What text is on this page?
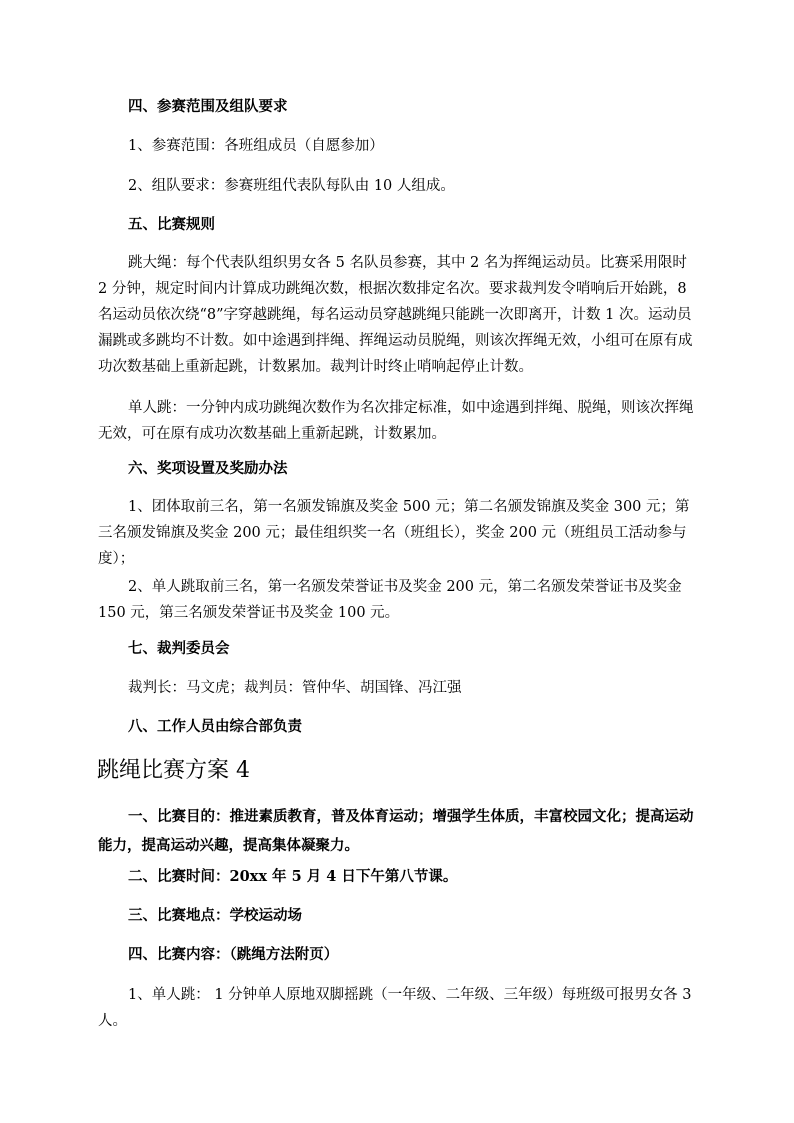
四、参赛范围及组队要求

1、参赛范围：各班组成员（自愿参加）

2、组队要求：参赛班组代表队每队由 10 人组成。

五、比赛规则

跳大绳：每个代表队组织男女各 5 名队员参赛，其中 2 名为挥绳运动员。比赛采用限时 2 分钟，规定时间内计算成功跳绳次数，根据次数排定名次。要求裁判发令哨响后开始跳，8 名运动员依次绕“8”字穿越跳绳，每名运动员穿越跳绳只能跳一次即离开，计数 1 次。运动员漏跳或多跳均不计数。如中途遇到拌绳、挥绳运动员脱绳，则该次挥绳无效，小组可在原有成功次数基础上重新起跳，计数累加。裁判计时终止哨响起停止计数。

单人跳：一分钟内成功跳绳次数作为名次排定标准，如中途遇到拌绳、脱绳，则该次挥绳无效，可在原有成功次数基础上重新起跳，计数累加。

六、奖项设置及奖励办法

1、团体取前三名，第一名颁发锦旗及奖金 500 元；第二名颁发锦旗及奖金 300 元；第三名颁发锦旗及奖金 200 元；最佳组织奖一名（班组长），奖金 200 元（班组员工活动参与度）；

2、单人跳取前三名，第一名颁发荣誉证书及奖金 200 元，第二名颁发荣誉证书及奖金 150 元，第三名颁发荣誉证书及奖金 100 元。

七、裁判委员会

裁判长：马文虎；裁判员：管仲华、胡国锋、冯江强

八、工作人员由综合部负责

跳绳比赛方案 4

一、比赛目的：推进素质教育，普及体育运动；增强学生体质，丰富校园文化；提高运动能力，提高运动兴趣，提高集体凝聚力。

二、比赛时间：20xx 年 5 月 4 日下午第八节课。

三、比赛地点：学校运动场

四、比赛内容：（跳绳方法附页）

1、单人跳： 1 分钟单人原地双脚摇跳（一年级、二年级、三年级）每班级可报男女各 3 人。
